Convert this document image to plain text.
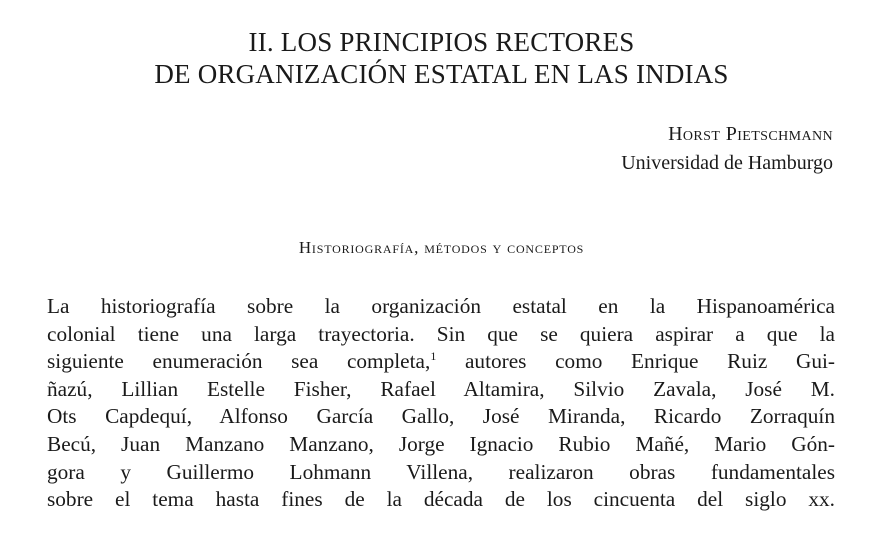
II. LOS PRINCIPIOS RECTORES
DE ORGANIZACIÓN ESTATAL EN LAS INDIAS
Horst Pietschmann
Universidad de Hamburgo
Historiografía, métodos y conceptos
La historiografía sobre la organización estatal en la Hispanoamérica
colonial tiene una larga trayectoria. Sin que se quiera aspirar a que la
siguiente enumeración sea completa,$^1$ autores como Enrique Ruiz Gui-
ñazú, Lillian Estelle Fisher, Rafael Altamira, Silvio Zavala, José M.
Ots Capdequí, Alfonso García Gallo, José Miranda, Ricardo Zorraquín
Becú, Juan Manzano Manzano, Jorge Ignacio Rubio Mañé, Mario Gón-
gora y Guillermo Lohmann Villena, realizaron obras fundamentales
sobre el tema hasta fines de la década de los cincuenta del siglo xx.
